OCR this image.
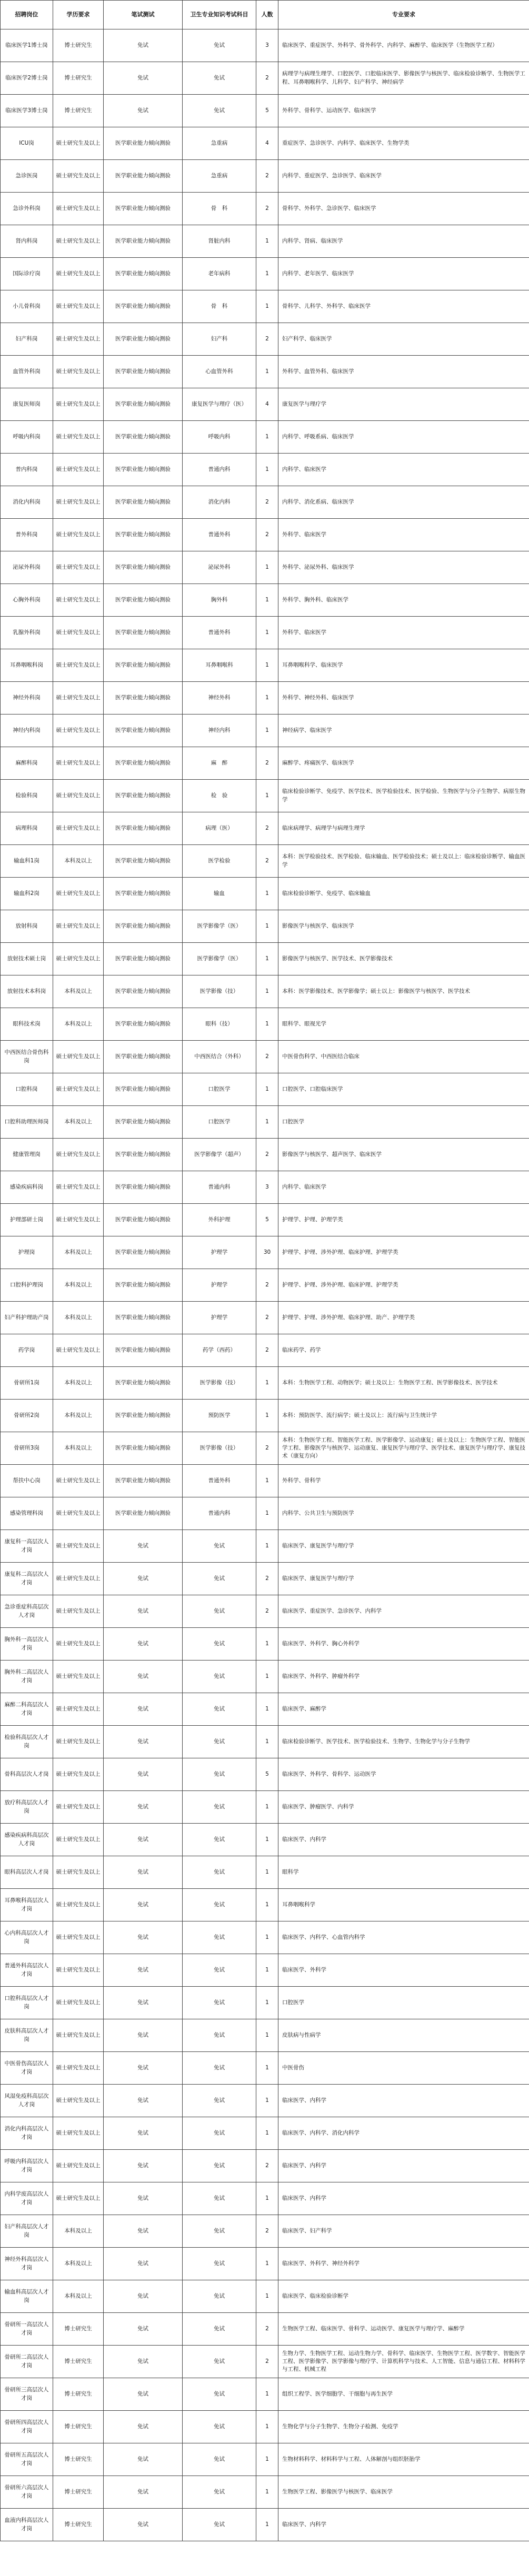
招聘岗位	学历要求	笔试测试	卫生专业知识考试科目	人数	专业要求
临床医学1博士岗	博士研究生	免试	免试	3	临床医学、重症医学、外科学、骨外科学、内科学、麻醉学、临床医学（生物医学工程）
临床医学2博士岗	博士研究生	免试	免试	2	病理学与病理生理学、口腔医学、口腔临床医学、影像医学与核医学、临床检验诊断学、生物医学工程、耳鼻咽喉科学、儿科学、妇产科学、神经病学
临床医学3博士岗	博士研究生	免试	免试	5	外科学、骨科学、运动医学、临床医学
ICU岗	硕士研究生及以上	医学职业能力倾向测验	急重病	4	重症医学、急诊医学、内科学、临床医学、生物学类
急诊医岗	硕士研究生及以上	医学职业能力倾向测验	急重病	2	内科学、重症医学、急诊医学、临床医学
急诊外科岗	硕士研究生及以上	医学职业能力倾向测验	骨　科	2	骨科学、外科学、急诊医学、临床医学
肾内科岗	硕士研究生及以上	医学职业能力倾向测验	肾脏内科	1	内科学、肾病、临床医学
国际诊疗岗	硕士研究生及以上	医学职业能力倾向测验	老年病科	1	内科学、老年医学、临床医学
小儿骨科岗	硕士研究生及以上	医学职业能力倾向测验	骨　科	1	骨科学、儿科学、外科学、临床医学
妇产科岗	硕士研究生及以上	医学职业能力倾向测验	妇产科	2	妇产科学、临床医学
血管外科岗	硕士研究生及以上	医学职业能力倾向测验	心血管外科	1	外科学、血管外科、临床医学
康复医师岗	硕士研究生及以上	医学职业能力倾向测验	康复医学与理疗（医）	4	康复医学与理疗学
呼吸内科岗	硕士研究生及以上	医学职业能力倾向测验	呼吸内科	1	内科学、呼吸系病、临床医学
普内科岗	硕士研究生及以上	医学职业能力倾向测验	普通内科	1	内科学、临床医学
消化内科岗	硕士研究生及以上	医学职业能力倾向测验	消化内科	2	内科学、消化系病、临床医学
普外科岗	硕士研究生及以上	医学职业能力倾向测验	普通外科	2	外科学、临床医学
泌尿外科岗	硕士研究生及以上	医学职业能力倾向测验	泌尿外科	1	外科学、泌尿外科、临床医学
心胸外科岗	硕士研究生及以上	医学职业能力倾向测验	胸外科	1	外科学、胸外科、临床医学
乳腺外科岗	硕士研究生及以上	医学职业能力倾向测验	普通外科	1	外科学、临床医学
耳鼻咽喉科岗	硕士研究生及以上	医学职业能力倾向测验	耳鼻咽喉科	1	耳鼻咽喉科学、临床医学
神经外科岗	硕士研究生及以上	医学职业能力倾向测验	神经外科	1	外科学、神经外科、临床医学
神经内科岗	硕士研究生及以上	医学职业能力倾向测验	神经内科	1	神经病学、临床医学
麻醉科岗	硕士研究生及以上	医学职业能力倾向测验	麻　醉	2	麻醉学、疼痛医学、临床医学
检验科岗	硕士研究生及以上	医学职业能力倾向测验	检　验	1	临床检验诊断学、免疫学、医学技术、医学检验技术、医学检验、生物医学与分子生物学、病原生物学
病理科岗	硕士研究生及以上	医学职业能力倾向测验	病理（医）	2	临床病理学、病理学与病理生理学
输血科1岗	本科及以上	医学职业能力倾向测验	医学检验	2	本科：医学检验技术、医学检验、临床输血、医学检验技术；硕士及以上：临床检验诊断学、输血医学
输血科2岗	硕士研究生及以上	医学职业能力倾向测验	输血	1	临床检验诊断学、免疫学、临床输血
放射科岗	硕士研究生及以上	医学职业能力倾向测验	医学影像学（医）	1	影像医学与核医学、临床医学
放射技术硕士岗	硕士研究生及以上	医学职业能力倾向测验	医学影像学（医）	1	影像医学与核医学、医学技术、医学影像技术
放射技术本科岗	本科及以上	医学职业能力倾向测验	医学影像（技）	1	本科：医学影像技术、医学影像学；硕士以上：影像医学与核医学、医学技术
眼科技术岗	本科及以上	医学职业能力倾向测验	眼科（技）	1	眼科学、眼视光学
中西医结合骨伤科岗	硕士研究生及以上	医学职业能力倾向测验	中西医结合（外科）	2	中医骨伤科学、中西医结合临床
口腔科岗	硕士研究生及以上	医学职业能力倾向测验	口腔医学	1	口腔医学、口腔临床医学
口腔科助理医师岗	本科及以上	医学职业能力倾向测验	口腔医学	1	口腔医学
健康管理岗	硕士研究生及以上	医学职业能力倾向测验	医学影像学（超声）	2	影像医学与核医学、超声医学、临床医学
感染疾病科岗	硕士研究生及以上	医学职业能力倾向测验	普通内科	3	内科学、临床医学
护理部研士岗	硕士研究生及以上	医学职业能力倾向测验	外科护理	5	护理学、护理、护理学类
护理岗	本科及以上	医学职业能力倾向测验	护理学	30	护理学、护理、涉外护理、临床护理、护理学类
口腔科护理岗	本科及以上	医学职业能力倾向测验	护理学	2	护理学、护理、涉外护理、临床护理、护理学类
妇产科护理助产岗	本科及以上	医学职业能力倾向测验	护理学	2	护理学、护理、涉外护理、临床护理、助产、护理学类
药学岗	硕士研究生及以上	医学职业能力倾向测验	药学（西药）	2	临床药学、药学
骨研所1岗	本科及以上	医学职业能力倾向测验	医学影像（技）	1	本科：生物医学工程、动物医学；硕士及以上：生物医学工程、医学影像技术、医学技术
骨研所2岗	本科及以上	医学职业能力倾向测验	预防医学	1	本科：预防医学、流行病学；硕士及以上：流行病与卫生统计学
骨研所3岗	本科及以上	医学职业能力倾向测验	医学影像（技）	2	本科：生物医学工程、智能医学工程、医学影像学、运动康复；硕士及以上：生物医学工程、智能医学工程、影像医学与核医学、运动康复、康复医学与理疗学、医学技术、康复医学与理疗学、康复技术（康复方向）
帮扶中心岗	硕士研究生及以上	医学职业能力倾向测验	普通外科	1	外科学、骨科学
感染管理科岗	硕士研究生及以上	医学职业能力倾向测验	普通内科	1	内科学、公共卫生与预防医学
康复科一高层次人才岗	硕士研究生及以上	免试	免试	1	临床医学、康复医学与理疗学
康复科二高层次人才岗	硕士研究生及以上	免试	免试	2	临床医学、康复医学与理疗学
急诊重症科高层次人才岗	硕士研究生及以上	免试	免试	2	临床医学、重症医学、急诊医学、内科学
胸外科一高层次人才岗	硕士研究生及以上	免试	免试	1	临床医学、外科学、胸心外科学
胸外科二高层次人才岗	硕士研究生及以上	免试	免试	1	临床医学、外科学、肿瘤外科学
麻醉二科高层次人才岗	硕士研究生及以上	免试	免试	1	临床医学、麻醉学
检验科高层次人才岗	硕士研究生及以上	免试	免试	1	临床检验诊断学、医学技术、医学检验技术、生物学、生物化学与分子生物学
骨科高层次人才岗	硕士研究生及以上	免试	免试	5	临床医学、外科学、骨科学、运动医学
放疗科高层次人才岗	硕士研究生及以上	免试	免试	1	临床医学、肿瘤医学、内科学
感染疾病科高层次人才岗	硕士研究生及以上	免试	免试	1	临床医学、内科学
眼科高层次人才岗	硕士研究生及以上	免试	免试	1	眼科学
耳鼻喉科高层次人才岗	硕士研究生及以上	免试	免试	1	耳鼻咽喉科学
心内科高层次人才岗	硕士研究生及以上	免试	免试	1	临床医学、内科学、心血管内科学
普通外科高层次人才岗	硕士研究生及以上	免试	免试	1	临床医学、外科学
口腔科高层次人才岗	硕士研究生及以上	免试	免试	1	口腔医学
皮肤科高层次人才岗	硕士研究生及以上	免试	免试	1	皮肤病与性病学
中医骨伤高层次人才岗	硕士研究生及以上	免试	免试	1	中医骨伤
风湿免疫科高层次人才岗	硕士研究生及以上	免试	免试	1	临床医学、内科学
消化内科高层次人才岗	硕士研究生及以上	免试	免试	1	临床医学、内科学、消化内科学
呼吸内科高层次人才岗	硕士研究生及以上	免试	免试	2	临床医学、内科学
内科学废高层次人才岗	硕士研究生及以上	免试	免试	1	临床医学、内科学
妇产科高层次人才岗	本科及以上	免试	免试	2	临床医学、妇产科学
神经外科高层次人才岗	本科及以上	免试	免试	1	临床医学、外科学、神经外科学
输血科高层次人才岗	本科及以上	免试	免试	1	临床医学、临床检验诊断学
骨研所一高层次人才岗	博士研究生	免试	免试	2	生物医学工程、临床医学、骨科学、运动医学、康复医学与理疗学、麻醉学
骨研所二高层次人才岗	博士研究生	免试	免试	2	生物力学、生物医学工程、运动生物力学、骨科学、临床医学、生物医学工程、医学数字、智能医学工程、医学影像学、医学影像与理疗学、计算机科学与技术、人工智能、信息与通信工程、材料科学与工程、机械工程
骨研所三高层次人才岗	博士研究生	免试	免试	1	组织工程学、医学细胞学、干细胞与再生医学
骨研所四高层次人才岗	博士研究生	免试	免试	1	生物化学与分子生物学、生物分子检测、免疫学
骨研所五高层次人才岗	博士研究生	免试	免试	1	生物材料科学、材料科学与工程、人体解剖与组织胚胎学
骨研所六高层次人才岗	博士研究生	免试	免试	1	生物医学工程、影像医学与核医学、临床医学
血液内科高层次人才岗	博士研究生	免试	免试	1	临床医学、内科学
